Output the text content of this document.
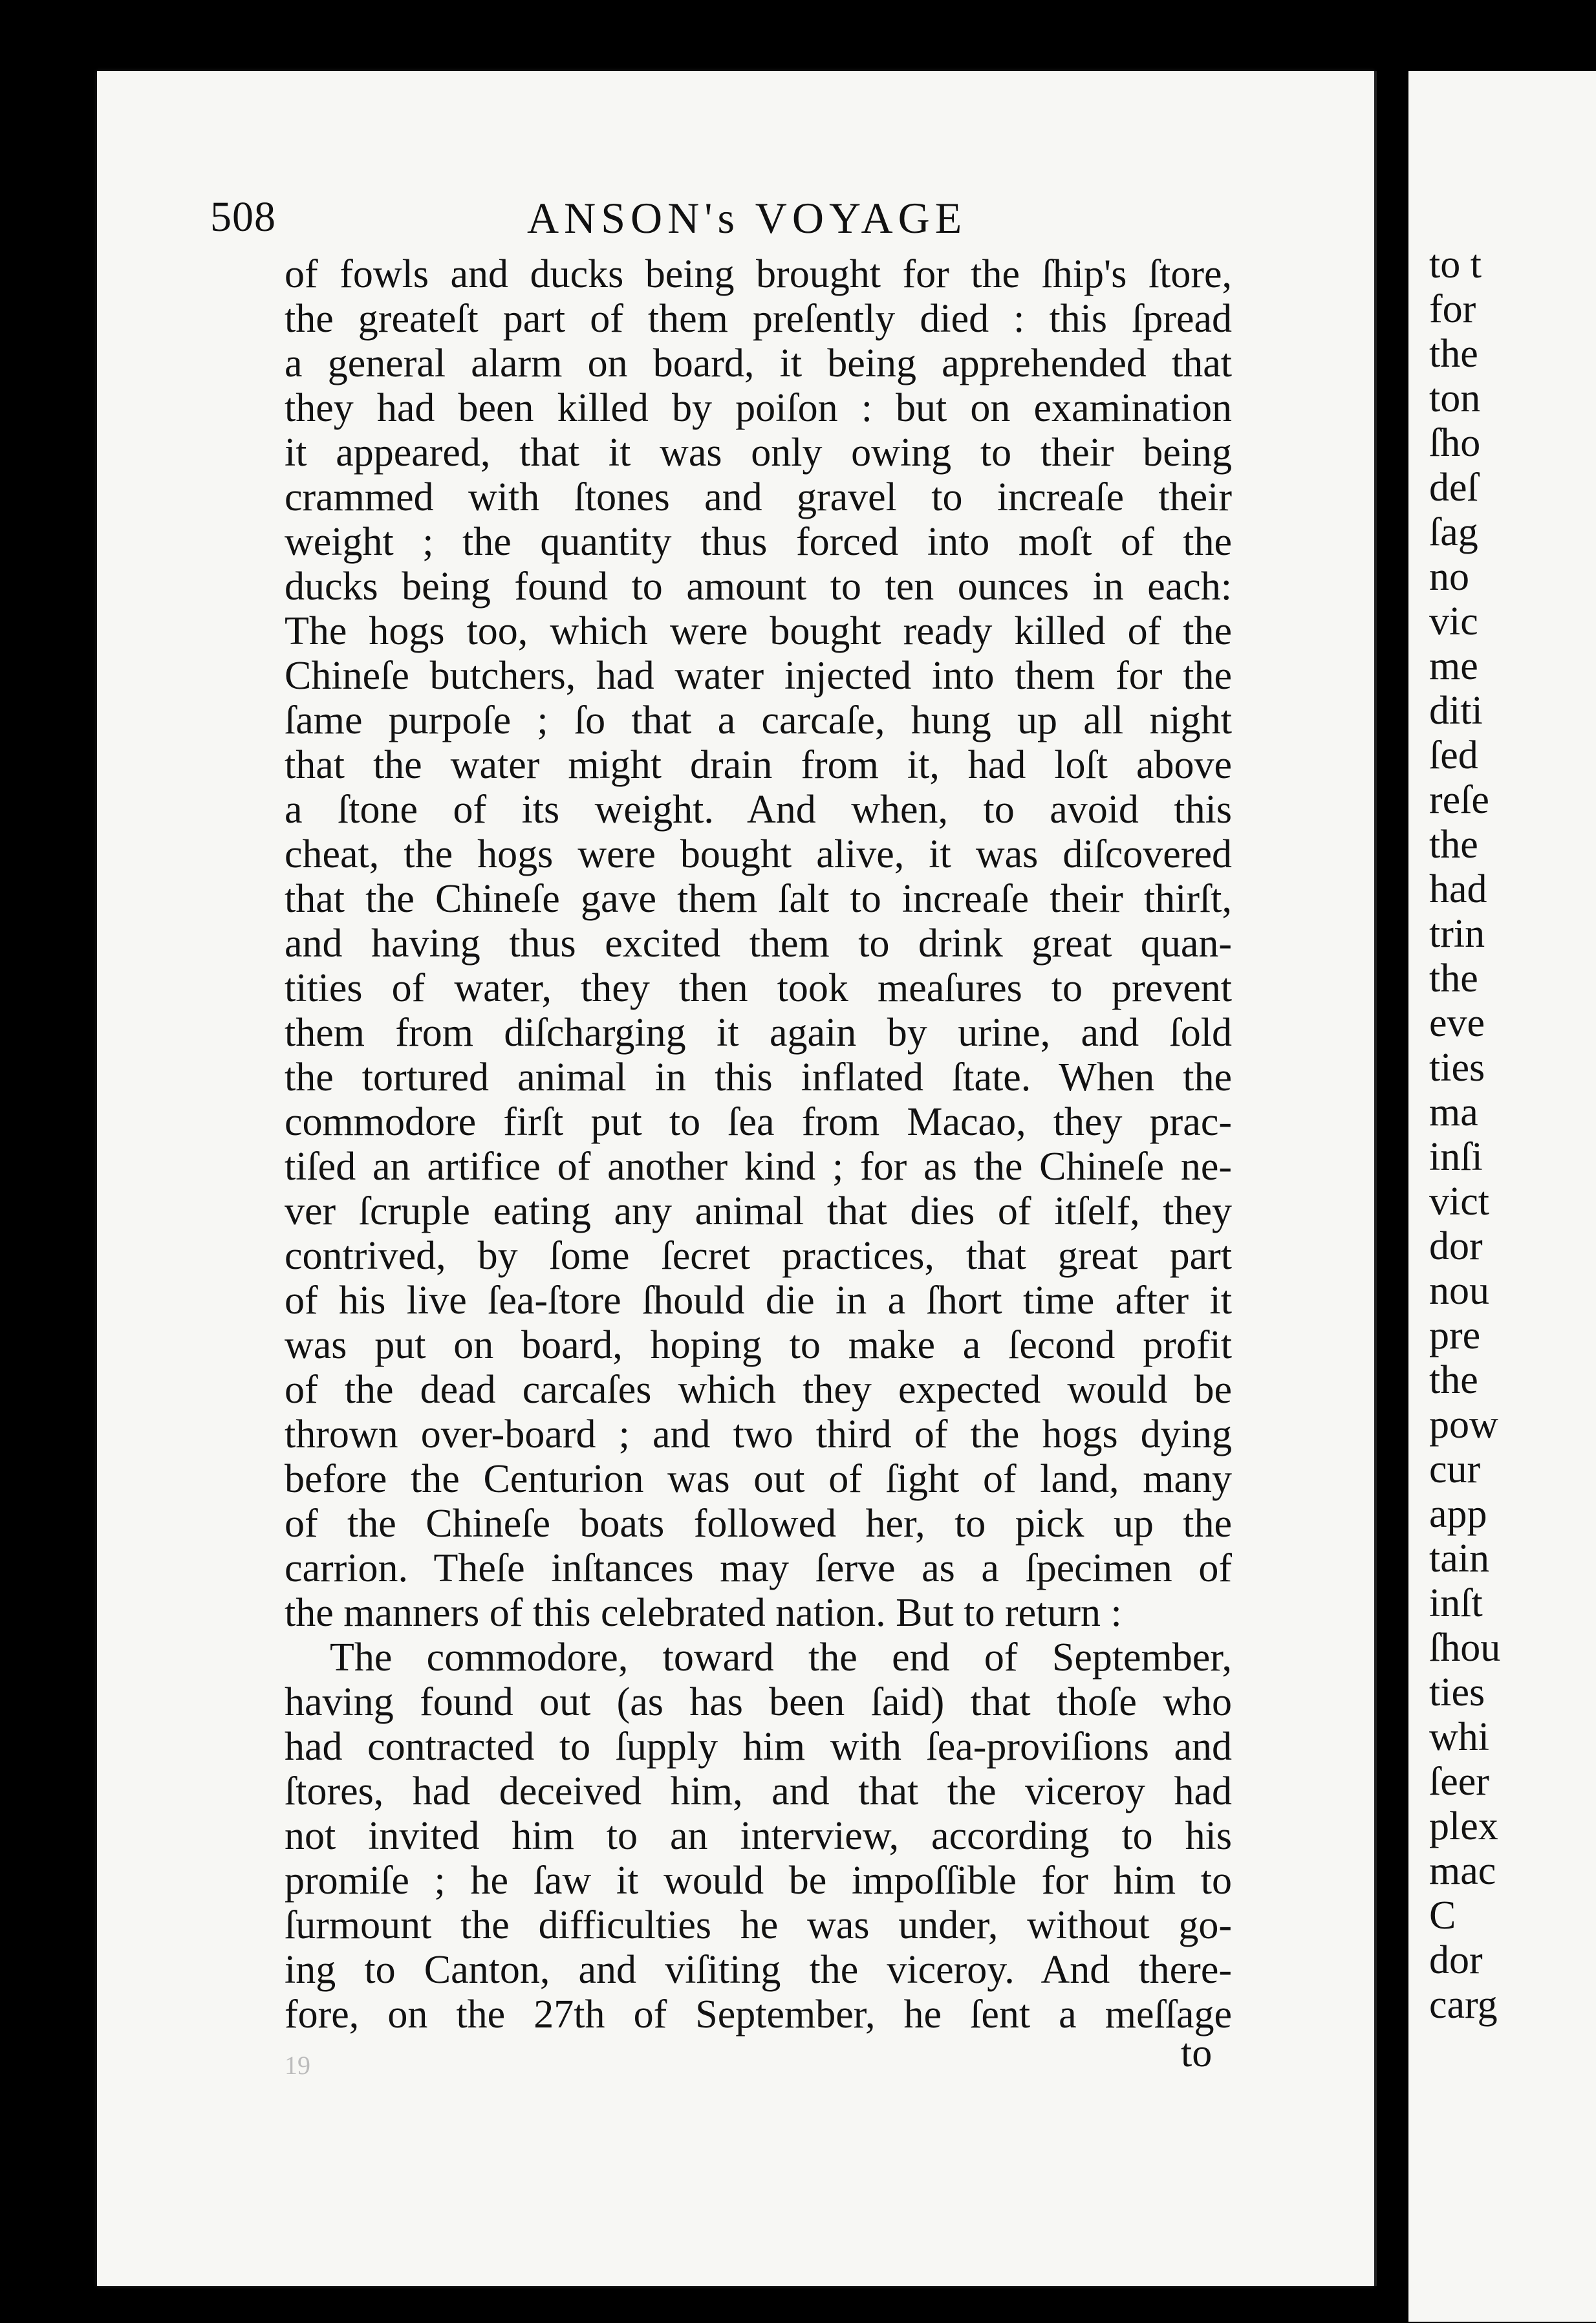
508	ANSON's VOYAGE
of fowls and ducks being brought for the ſhip's ſtore,
the greateſt part of them preſently died : this ſpread
a general alarm on board, it being apprehended that
they had been killed by poiſon : but on examination
it appeared, that it was only owing to their being
crammed with ſtones and gravel to increaſe their
weight ; the quantity thus forced into moſt of the
ducks being found to amount to ten ounces in each:
The hogs too, which were bought ready killed of the
Chineſe butchers, had water injected into them for the
ſame purpoſe ; ſo that a carcaſe, hung up all night
that the water might drain from it, had loſt above
a ſtone of its weight. And when, to avoid this
cheat, the hogs were bought alive, it was diſcovered
that the Chineſe gave them ſalt to increaſe their thirſt,
and having thus excited them to drink great quan-
tities of water, they then took meaſures to prevent
them from diſcharging it again by urine, and ſold
the tortured animal in this inflated ſtate. When the
commodore firſt put to ſea from Macao, they prac-
tiſed an artifice of another kind ; for as the Chineſe ne-
ver ſcruple eating any animal that dies of itſelf, they
contrived, by ſome ſecret practices, that great part
of his live ſea-ſtore ſhould die in a ſhort time after it
was put on board, hoping to make a ſecond profit
of the dead carcaſes which they expected would be
thrown over-board ; and two third of the hogs dying
before the Centurion was out of ſight of land, many
of the Chineſe boats followed her, to pick up the
carrion. Theſe inſtances may ſerve as a ſpecimen of
the manners of this celebrated nation. But to return :
The commodore, toward the end of September,
having found out (as has been ſaid) that thoſe who
had contracted to ſupply him with ſea-proviſions and
ſtores, had deceived him, and that the viceroy had
not invited him to an interview, according to his
promiſe ; he ſaw it would be impoſſible for him to
ſurmount the difficulties he was under, without go-
ing to Canton, and viſiting the viceroy. And there-
fore, on the 27th of September, he ſent a meſſage
to
19
to t
for
the
ton
ſho
deſ
ſag
no
vic
me
diti
ſed
reſe
the
had
trin
the
eve
ties
ma
inſi
vict
dor
nou
pre
the
pow
cur
app
tain
inſt
ſhou
ties
whi
ſeer
plex
mac
C
dor
carg
